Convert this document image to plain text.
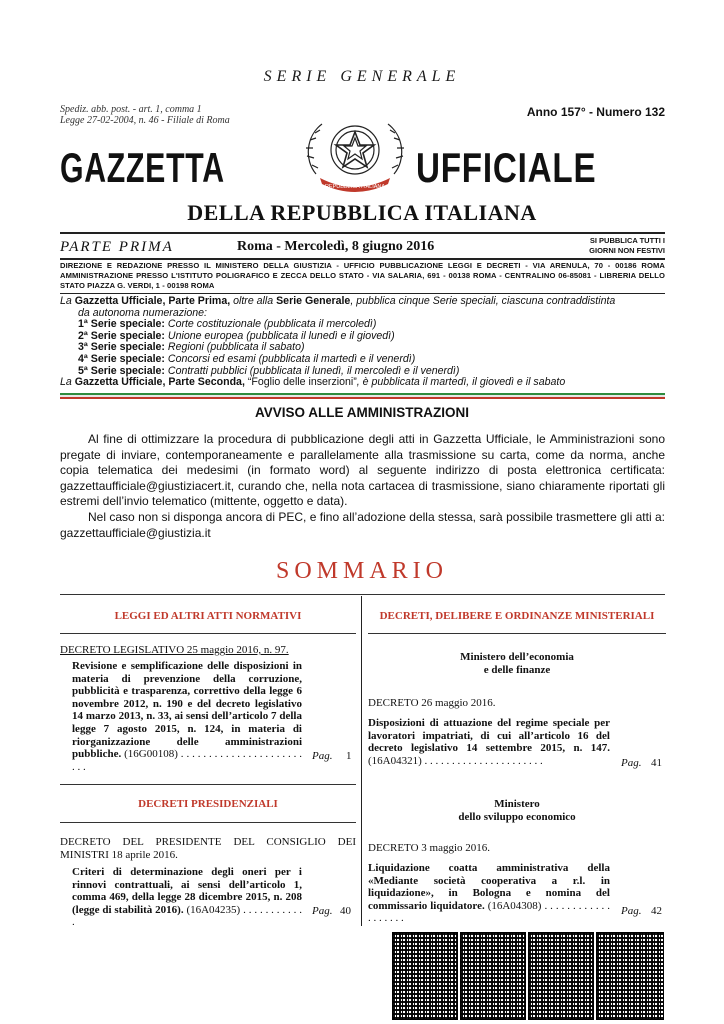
SERIE GENERALE
Spediz. abb. post. - art. 1, comma 1
Legge 27-02-2004, n. 46 - Filiale di Roma
Anno 157° - Numero 132
GAZZETTA	UFFICIALE
REPUBBLICA ITALIANA
DELLA REPUBBLICA ITALIANA
PARTE PRIMA	Roma - Mercoledì, 8 giugno 2016	SI PUBBLICA TUTTI I
GIORNI NON FESTIVI
DIREZIONE E REDAZIONE PRESSO IL MINISTERO DELLA GIUSTIZIA - UFFICIO PUBBLICAZIONE LEGGI E DECRETI - VIA ARENULA, 70 - 00186 ROMA AMMINISTRAZIONE PRESSO L'ISTITUTO POLIGRAFICO E ZECCA DELLO STATO - VIA SALARIA, 691 - 00138 ROMA - CENTRALINO 06-85081 - LIBRERIA DELLO STATO PIAZZA G. VERDI, 1 - 00198 ROMA
La Gazzetta Ufficiale, Parte Prima, oltre alla Serie Generale, pubblica cinque Serie speciali, ciascuna contraddistinta
da autonoma numerazione:
1ª Serie speciale: Corte costituzionale (pubblicata il mercoledì)
2ª Serie speciale: Unione europea (pubblicata il lunedì e il giovedì)
3ª Serie speciale: Regioni (pubblicata il sabato)
4ª Serie speciale: Concorsi ed esami (pubblicata il martedì e il venerdì)
5ª Serie speciale: Contratti pubblici (pubblicata il lunedì, il mercoledì e il venerdì)
La Gazzetta Ufficiale, Parte Seconda, “Foglio delle inserzioni”, è pubblicata il martedì, il giovedì e il sabato
AVVISO ALLE AMMINISTRAZIONI

Al fine di ottimizzare la procedura di pubblicazione degli atti in Gazzetta Ufficiale, le Amministrazioni sono pregate di inviare, contemporaneamente e parallelamente alla trasmissione su carta, come da norma, anche copia telematica dei medesimi (in formato word) al seguente indirizzo di posta elettronica certificata: gazzettaufficiale@giustiziacert.it, curando che, nella nota cartacea di trasmissione, siano chiaramente riportati gli estremi dell’invio telematico (mittente, oggetto e data).

Nel caso non si disponga ancora di PEC, e fino all’adozione della stessa, sarà possibile trasmettere gli atti a: gazzettaufficiale@giustizia.it

SOMMARIO
LEGGI ED ALTRI ATTI NORMATIVI
DECRETO LEGISLATIVO 25 maggio 2016, n. 97.
Revisione e semplificazione delle disposizioni in materia di prevenzione della corruzione, pubblicità e trasparenza, correttivo della legge 6 novembre 2012, n. 190 e del decreto legislativo 14 marzo 2013, n. 33, ai sensi dell’articolo 7 della legge 7 agosto 2015, n. 124, in materia di riorganizzazione delle amministrazioni pubbliche. (16G00108) . . . . . . . . . . . . . . . . . . . . . . . . .
Pag. 1
DECRETI PRESIDENZIALI
DECRETO DEL PRESIDENTE DEL CONSIGLIO DEI MINISTRI 18 aprile 2016.
Criteri di determinazione degli oneri per i rinnovi contrattuali, ai sensi dell’articolo 1, comma 469, della legge 28 dicembre 2015, n. 208 (legge di stabilità 2016). (16A04235) . . . . . . . . . . . .
Pag. 40
DECRETI, DELIBERE E ORDINANZE MINISTERIALI
Ministero dell’economia
e delle finanze
DECRETO 26 maggio 2016.
Disposizioni di attuazione del regime speciale per lavoratori impatriati, di cui all’articolo 16 del decreto legislativo 14 settembre 2015, n. 147. (16A04321) . . . . . . . . . . . . . . . . . . . . . .	Pag. 41
Ministero
dello sviluppo economico
DECRETO 3 maggio 2016.
Liquidazione coatta amministrativa della «Mediante società cooperativa a r.l. in liquidazione», in Bologna e nomina del commissario liquidatore. (16A04308) . . . . . . . . . . . . . . . . . . .
Pag. 42
